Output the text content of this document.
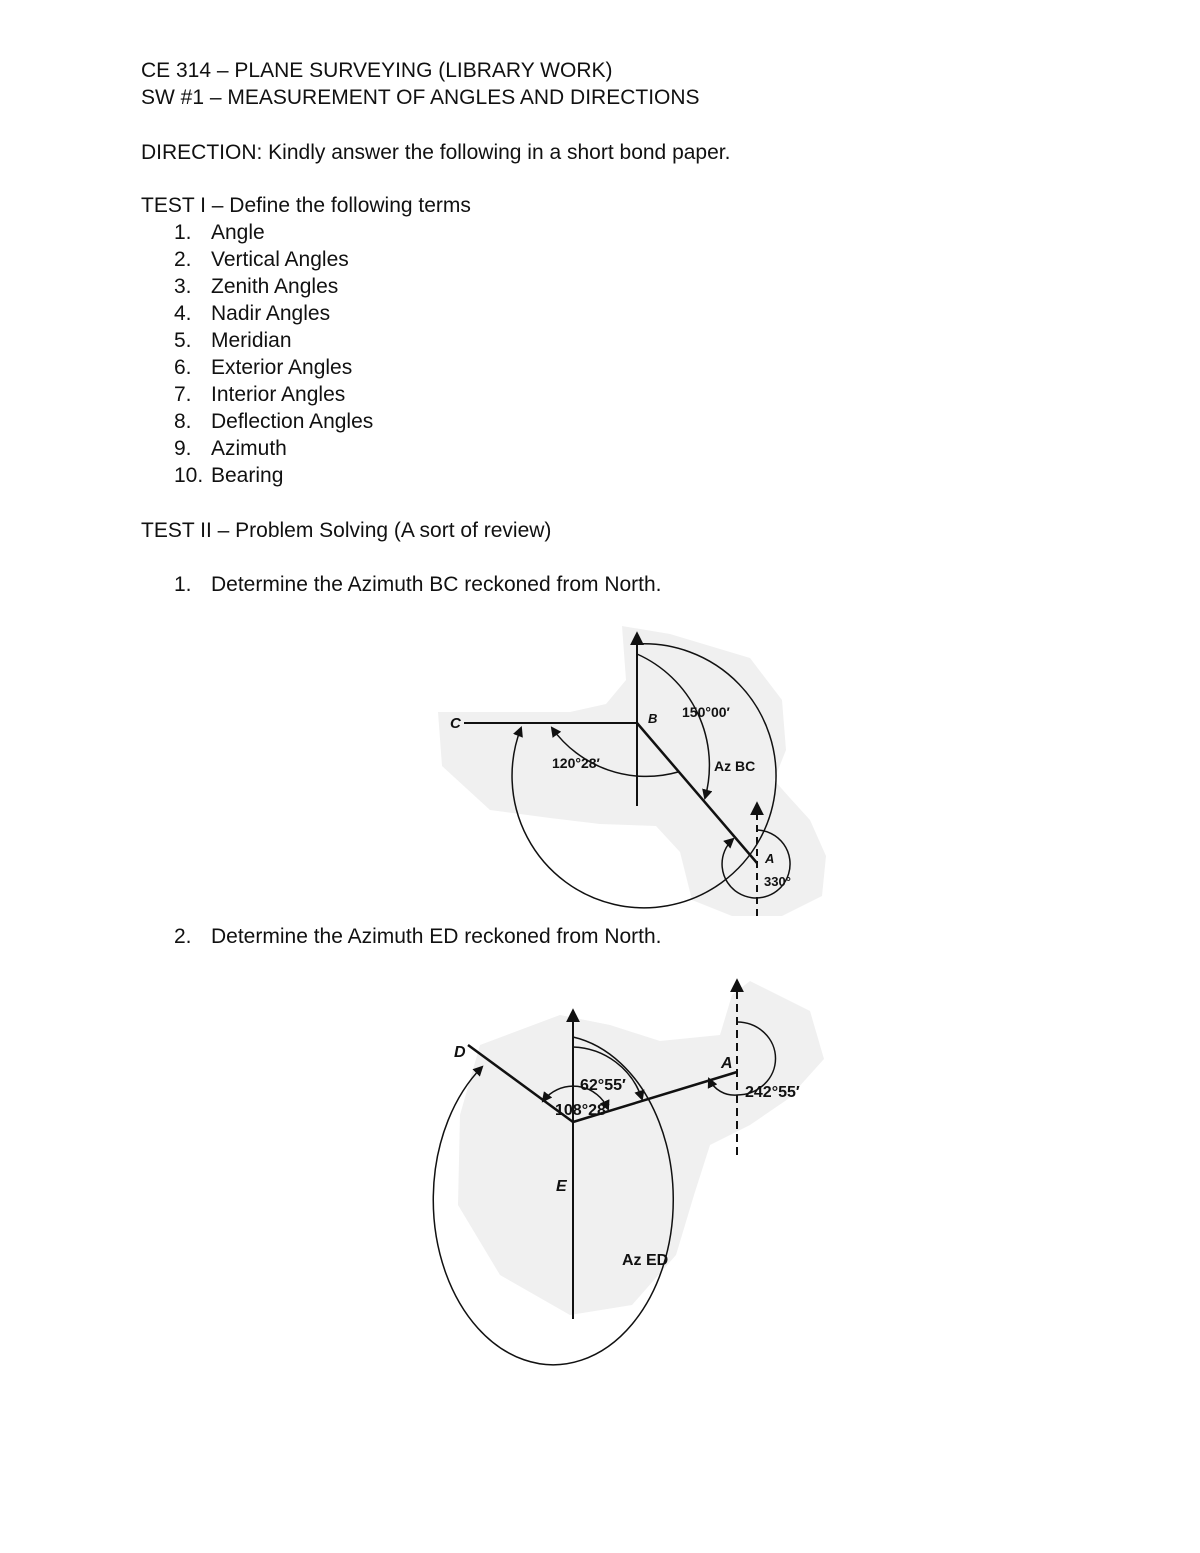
CE 314 – PLANE SURVEYING (LIBRARY WORK)
SW #1 – MEASUREMENT OF ANGLES AND DIRECTIONS
DIRECTION: Kindly answer the following in a short bond paper.
TEST I – Define the following terms
1. Angle
2. Vertical Angles
3. Zenith Angles
4. Nadir Angles
5. Meridian
6. Exterior Angles
7. Interior Angles
8. Deflection Angles
9. Azimuth
10. Bearing
TEST II – Problem Solving (A sort of review)
1. Determine the Azimuth BC reckoned from North.
C	B 150°00′
120°28′	Az BC
A
330°
2. Determine the Azimuth ED reckoned from North.
D
E
A
62°55′
108°28′
242°55′
Az ED
